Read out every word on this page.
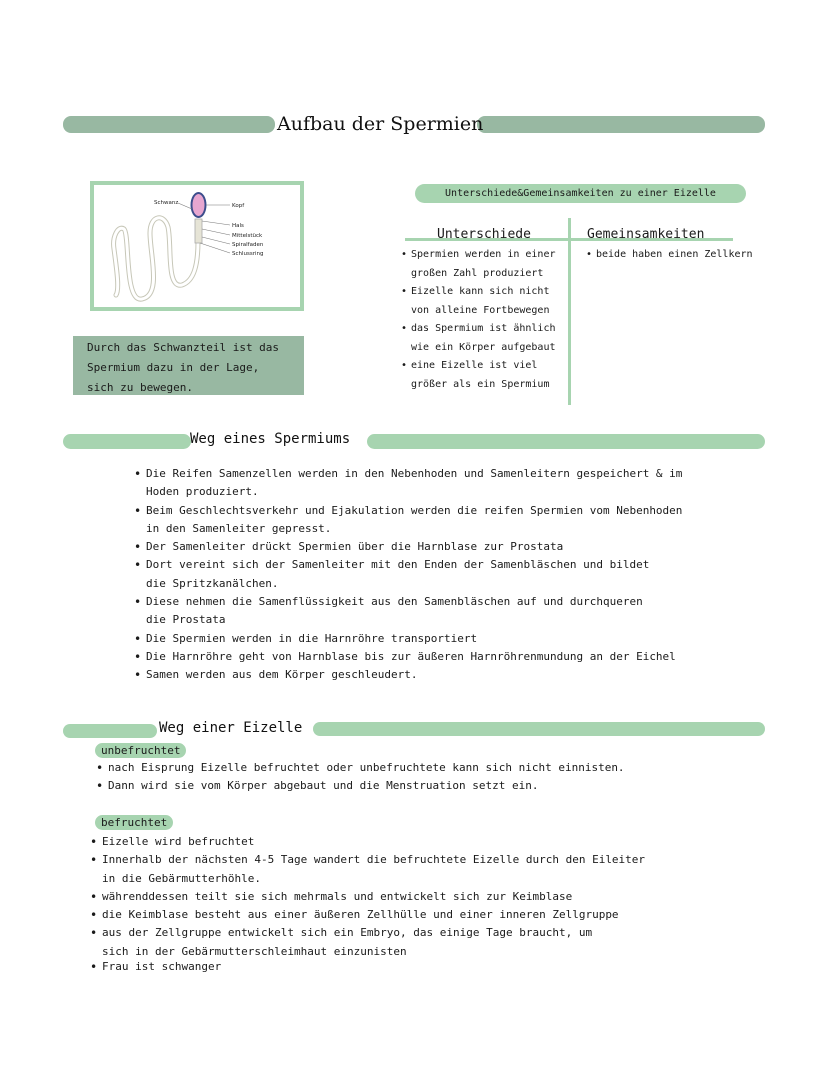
Aufbau der Spermien
Schwanz	Kopf
Hals
Mittelstück
Spiralfaden
Schlussring
Durch das Schwanzteil ist das Spermium dazu in der Lage, sich zu bewegen.
Unterschiede&Gemeinsamkeiten zu einer Eizelle
Unterschiede	Gemeinsamkeiten
• Spermien werden in einer
großen Zahl produziert
• Eizelle kann sich nicht
von alleine Fortbewegen
• das Spermium ist ähnlich
wie ein Körper aufgebaut
• eine Eizelle ist viel
größer als ein Spermium
• beide haben einen Zellkern
Weg eines Spermiums
• Die Reifen Samenzellen werden in den Nebenhoden und Samenleitern gespeichert & im
Hoden produziert.
• Beim Geschlechtsverkehr und Ejakulation werden die reifen Spermien vom Nebenhoden
in den Samenleiter gepresst.
• Der Samenleiter drückt Spermien über die Harnblase zur Prostata
• Dort vereint sich der Samenleiter mit den Enden der Samenbläschen und bildet
die Spritzkanälchen.
• Diese nehmen die Samenflüssigkeit aus den Samenbläschen auf und durchqueren
die Prostata
• Die Spermien werden in die Harnröhre transportiert
• Die Harnröhre geht von Harnblase bis zur äußeren Harnröhrenmundung an der Eichel
• Samen werden aus dem Körper geschleudert.
Weg einer Eizelle
unbefruchtet
• nach Eisprung Eizelle befruchtet oder unbefruchtete kann sich nicht einnisten.
• Dann wird sie vom Körper abgebaut und die Menstruation setzt ein.
befruchtet
• Eizelle wird befruchtet
• Innerhalb der nächsten 4-5 Tage wandert die befruchtete Eizelle durch den Eileiter
in die Gebärmutterhöhle.
• währenddessen teilt sie sich mehrmals und entwickelt sich zur Keimblase
• die Keimblase besteht aus einer äußeren Zellhülle und einer inneren Zellgruppe
• aus der Zellgruppe entwickelt sich ein Embryo, das einige Tage braucht, um
sich in der Gebärmutterschleimhaut einzunisten
• Frau ist schwanger
